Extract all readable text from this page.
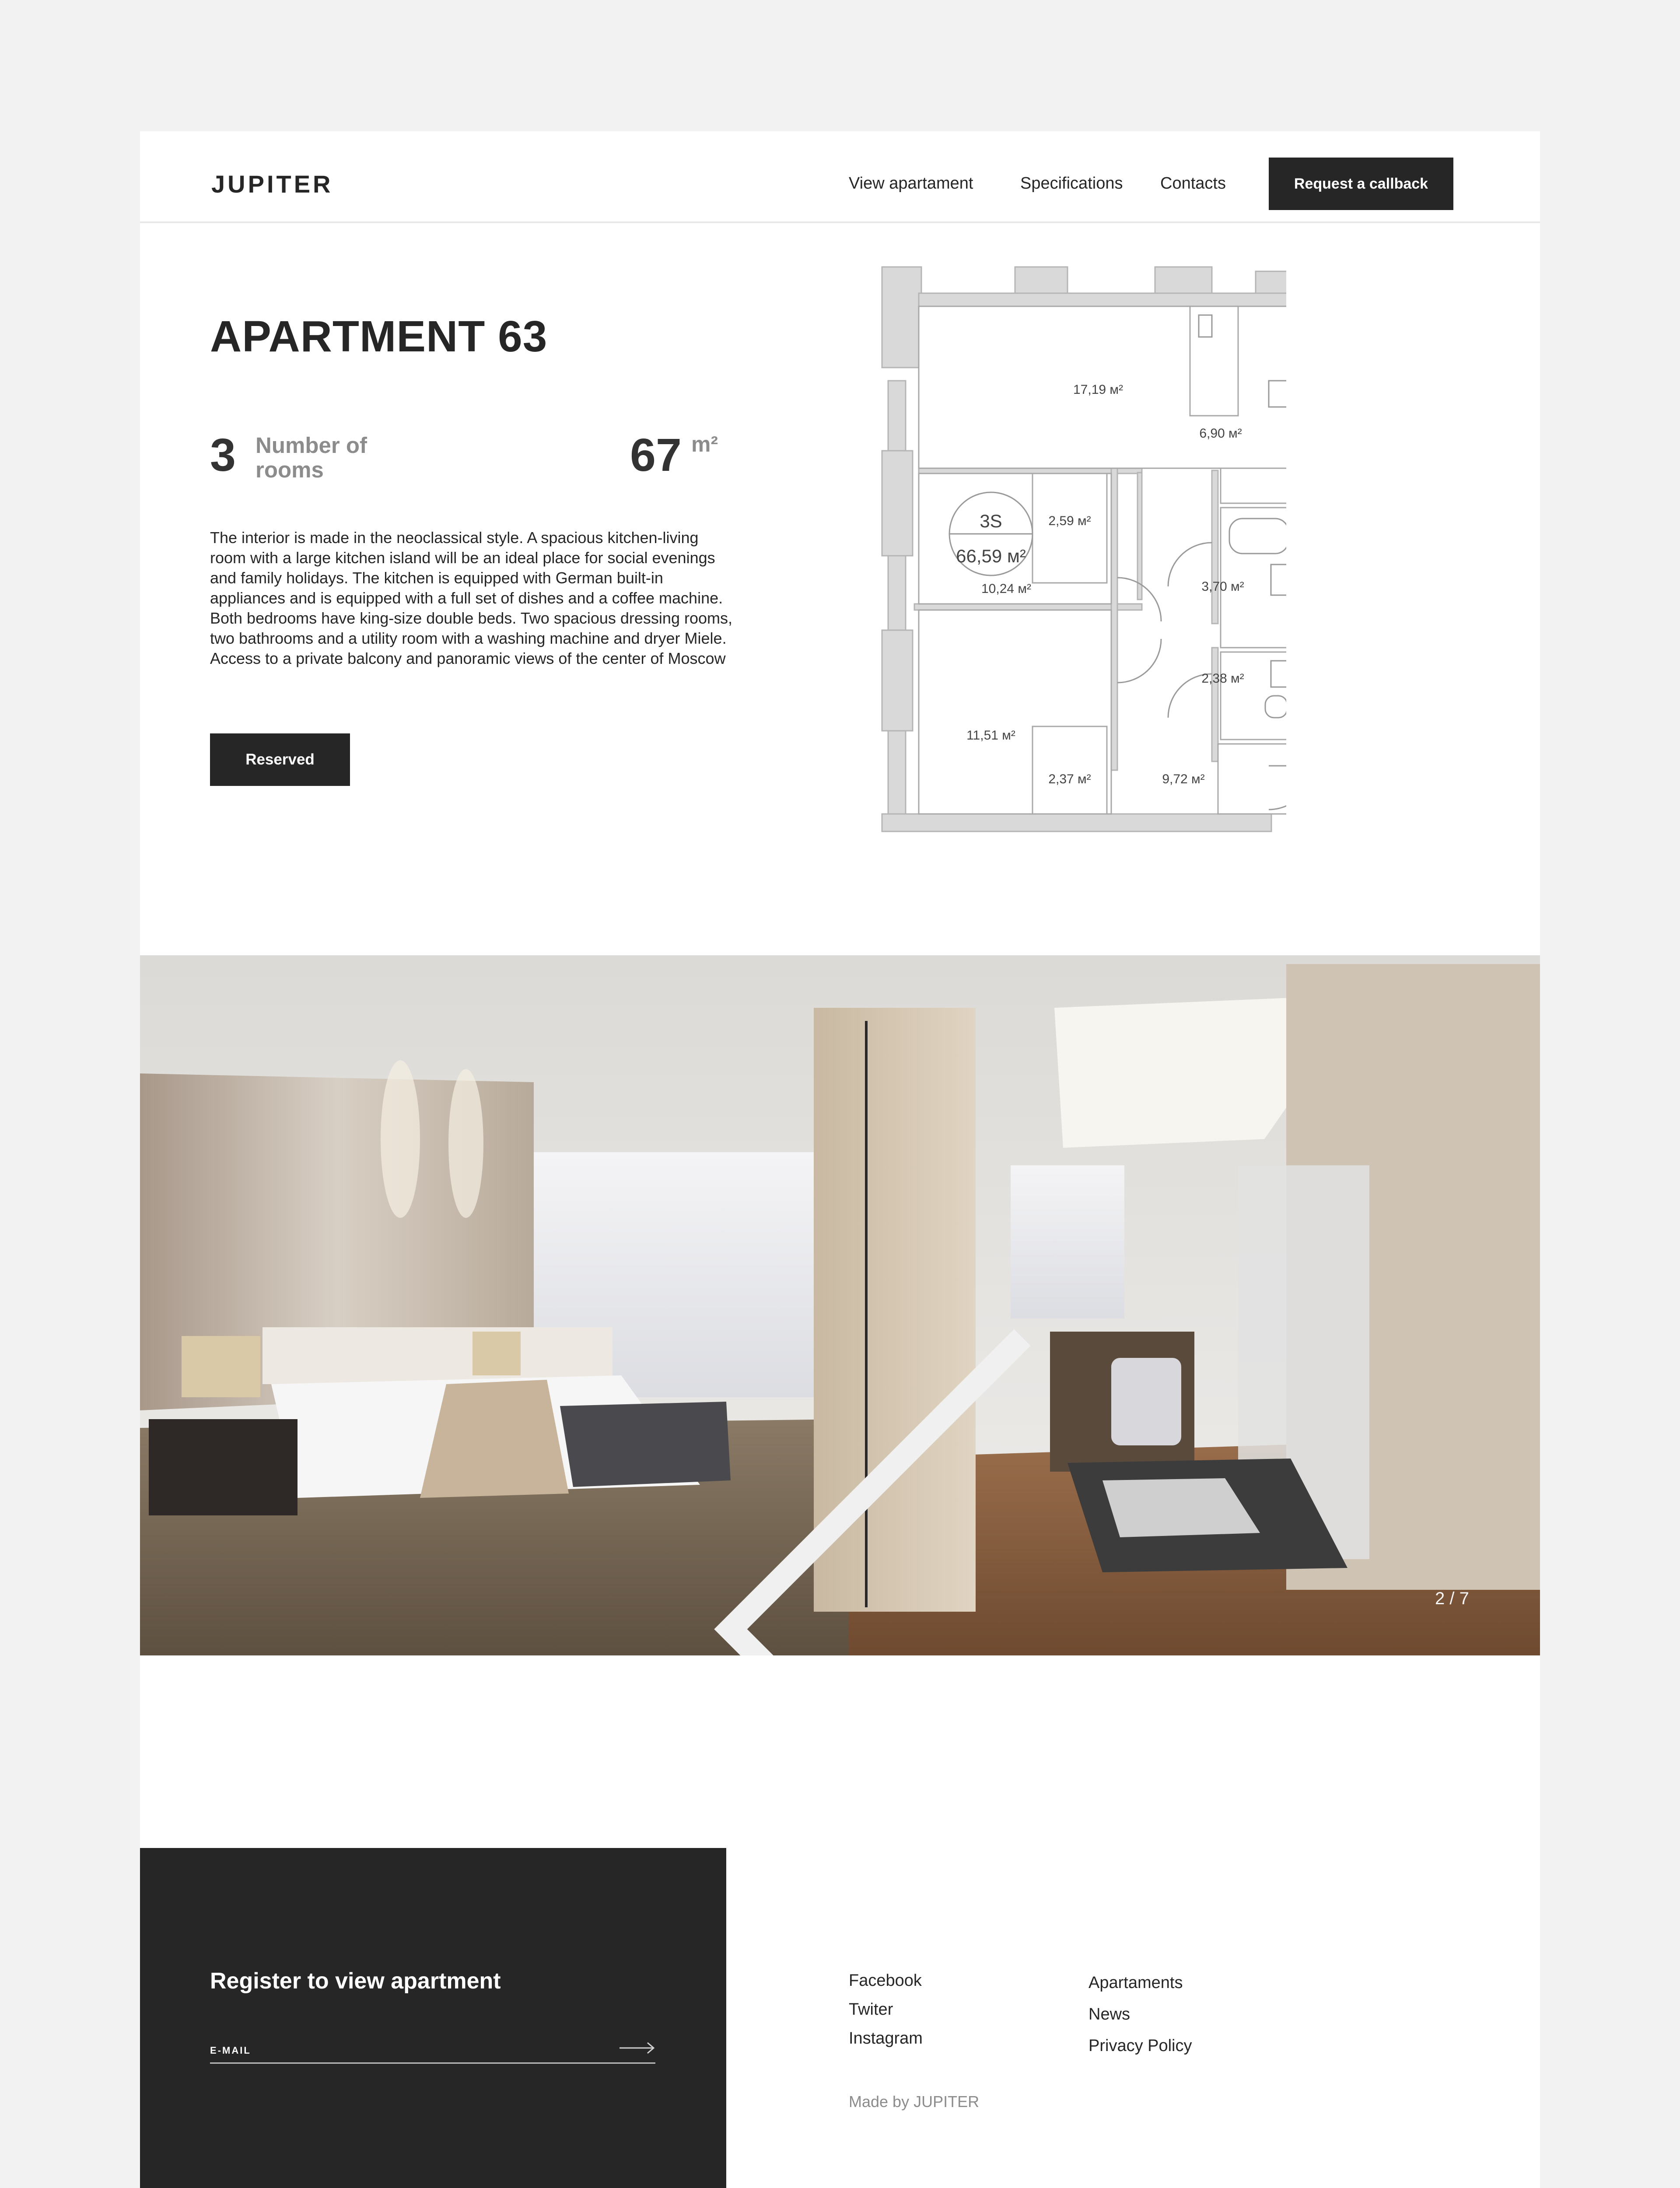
JUPITER	View apartament	Specifications Contacts	Request a callback
APARTMENT 63
3 Number of rooms	67 m²

The interior is made in the neoclassical style. A spacious kitchen-living room with a large kitchen island will be an ideal place for social evenings and family holidays. The kitchen is equipped with German built-in appliances and is equipped with a full set of dishes and a coffee machine. Both bedrooms have king-size double beds. Two spacious dressing rooms, two bathrooms and a utility room with a washing machine and dryer Miele. Access to a private balcony and panoramic views of the center of Moscow

Reserved
3S
66,59 м²
17,19 м²
6,90 м²
2,59 м²
3,70 м²
10,24 м²
2,38 м²
11,51 м²
2,37 м²	9,72 м²
2 / 7
Register to view apartment
E-MAIL
Facebook
Twiter
Instagram
Apartaments
News
Privacy Policy
Made by JUPITER
